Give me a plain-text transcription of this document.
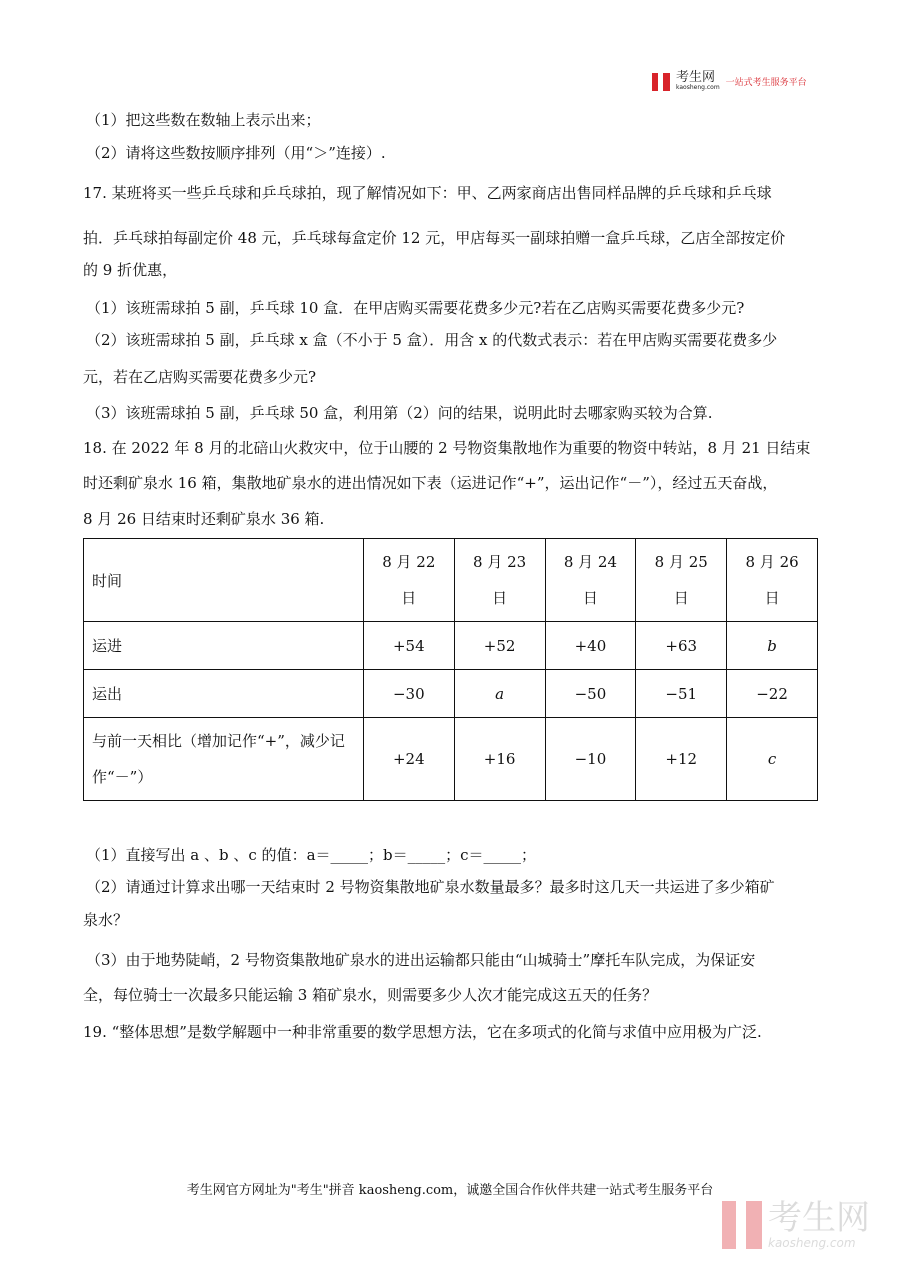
考生网
kaosheng.com 一站式考生服务平台
（1）把这些数在数轴上表示出来；
（2）请将这些数按顺序排列（用“＞”连接）.
17. 某班将买一些乒乓球和乒乓球拍，现了解情况如下：甲、乙两家商店出售同样品牌的乒乓球和乒乓球
拍．乒乓球拍每副定价 48 元，乒乓球每盒定价 12 元，甲店每买一副球拍赠一盒乒乓球，乙店全部按定价
的 9 折优惠，
（1）该班需球拍 5 副，乒乓球 10 盒．在甲店购买需要花费多少元?若在乙店购买需要花费多少元?
（2）该班需球拍 5 副，乒乓球 x 盒（不小于 5 盒）．用含 x 的代数式表示：若在甲店购买需要花费多少
元，若在乙店购买需要花费多少元?
（3）该班需球拍 5 副，乒乓球 50 盒，利用第（2）问的结果，说明此时去哪家购买较为合算.
18. 在 2022 年 8 月的北碚山火救灾中，位于山腰的 2 号物资集散地作为重要的物资中转站，8 月 21 日结束
时还剩矿泉水 16 箱，集散地矿泉水的进出情况如下表（运进记作“+”，运出记作“－”），经过五天奋战，
8 月 26 日结束时还剩矿泉水 36 箱.
时间	8 月 22 日	8 月 23 日	8 月 24 日	8 月 25 日	8 月 26 日
运进	+54	+52	+40	+63	b
运出	−30	a	−50	−51	−22
与前一天相比（增加记作“+”，减少记作“－”）	+24	+16	−10	+12	c
（1）直接写出 a 、b 、c 的值：a＝_____；b＝_____；c＝_____；
（2）请通过计算求出哪一天结束时 2 号物资集散地矿泉水数量最多？最多时这几天一共运进了多少箱矿
泉水？
（3）由于地势陡峭，2 号物资集散地矿泉水的进出运输都只能由“山城骑士”摩托车队完成，为保证安
全，每位骑士一次最多只能运输 3 箱矿泉水，则需要多少人次才能完成这五天的任务？
19. “整体思想”是数学解题中一种非常重要的数学思想方法，它在多项式的化简与求值中应用极为广泛.
考生网官方网址为"考生"拼音 kaosheng.com，诚邀全国合作伙伴共建一站式考生服务平台
考生网
kaosheng.com
